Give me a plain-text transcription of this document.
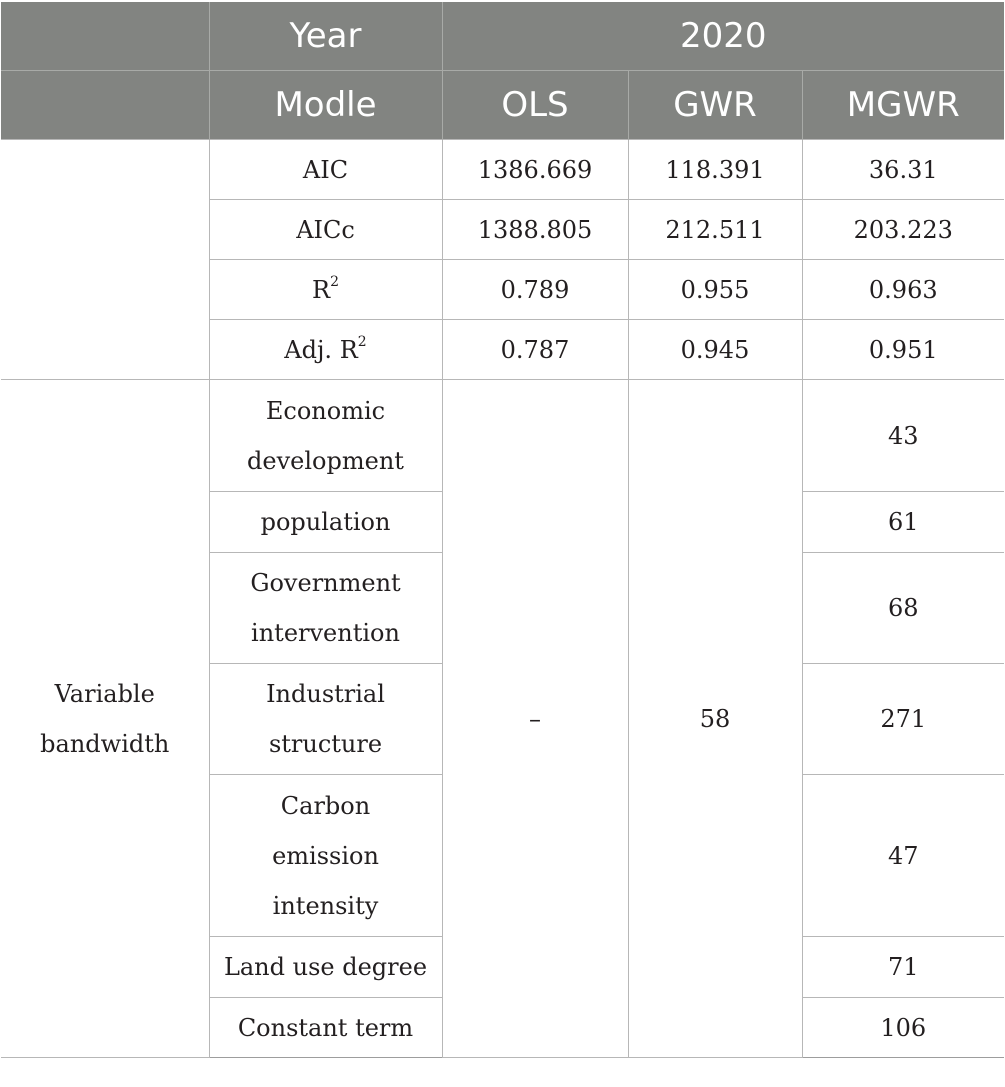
	Year	2020		
	Modle	OLS	GWR	MGWR
	AIC	1386.669	118.391	36.31
	AICc	1388.805	212.511	203.223
	$R^2$	0.789	0.955	0.963
	Adj. $R^2$	0.787	0.945	0.951
Variable bandwidth	Economic development	–	58	43
	population			61
	Government intervention			68
	Industrial structure			271
	Carbon emission intensity			47
	Land use degree			71
	Constant term			106
